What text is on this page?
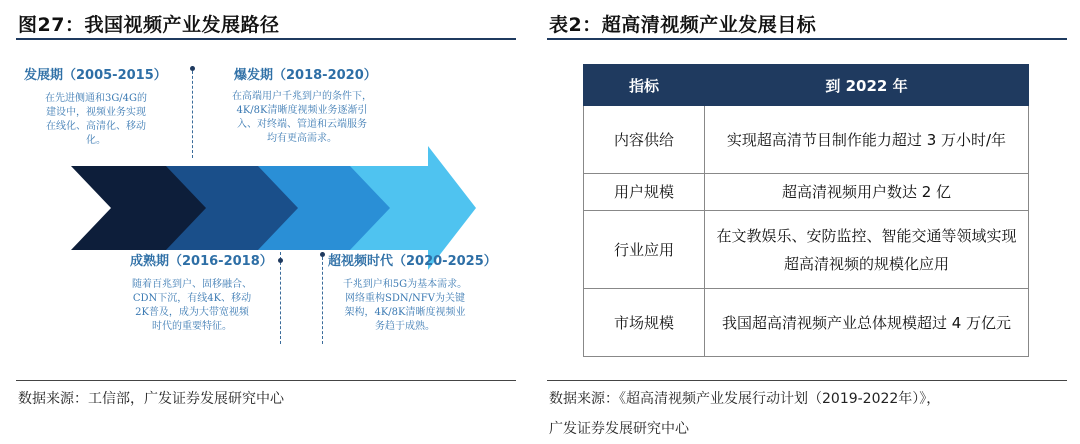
图27：我国视频产业发展路径
发展期（2005-2015）
在先进侧通和3G/4G的
建设中，视频业务实现
在线化、高清化、移动
化。
爆发期（2018-2020）
在高端用户千兆到户的条件下，
4K/8K清晰度视频业务逐渐引
入、对终端、管道和云端服务
均有更高需求。
成熟期（2016-2018）
随着百兆到户、固移融合、
CDN下沉，有线4K、移动
2K普及，成为大带宽视频
时代的重要特征。
超视频时代（2020-2025）
千兆到户和5G为基本需求。
网络重构SDN/NFV为关键
架构，4K/8K清晰度视频业
务趋于成熟。
数据来源：工信部，广发证券发展研究中心
表2：超高清视频产业发展目标
指标	到 2022 年
内容供给	实现超高清节目制作能力超过 3 万小时/年
用户规模	超高清视频用户数达 2 亿
行业应用	在文教娱乐、安防监控、智能交通等领域实现超高清视频的规模化应用
市场规模	我国超高清视频产业总体规模超过 4 万亿元
数据来源：《超高清视频产业发展行动计划（2019-2022年）》，
广发证券发展研究中心
